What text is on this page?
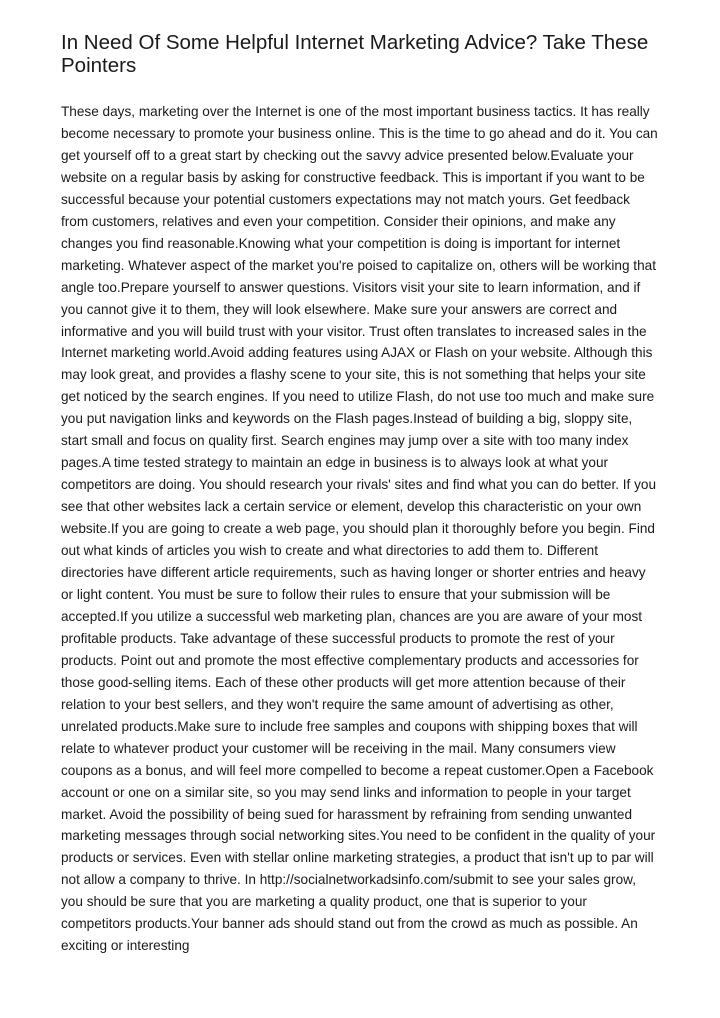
In Need Of Some Helpful Internet Marketing Advice? Take These Pointers

These days, marketing over the Internet is one of the most important business tactics. It has really become necessary to promote your business online. This is the time to go ahead and do it. You can get yourself off to a great start by checking out the savvy advice presented below.Evaluate your website on a regular basis by asking for constructive feedback. This is important if you want to be successful because your potential customers expectations may not match yours. Get feedback from customers, relatives and even your competition. Consider their opinions, and make any changes you find reasonable.Knowing what your competition is doing is important for internet marketing. Whatever aspect of the market you're poised to capitalize on, others will be working that angle too.Prepare yourself to answer questions. Visitors visit your site to learn information, and if you cannot give it to them, they will look elsewhere. Make sure your answers are correct and informative and you will build trust with your visitor. Trust often translates to increased sales in the Internet marketing world.Avoid adding features using AJAX or Flash on your website. Although this may look great, and provides a flashy scene to your site, this is not something that helps your site get noticed by the search engines. If you need to utilize Flash, do not use too much and make sure you put navigation links and keywords on the Flash pages.Instead of building a big, sloppy site, start small and focus on quality first. Search engines may jump over a site with too many index pages.A time tested strategy to maintain an edge in business is to always look at what your competitors are doing. You should research your rivals' sites and find what you can do better. If you see that other websites lack a certain service or element, develop this characteristic on your own website.If you are going to create a web page, you should plan it thoroughly before you begin. Find out what kinds of articles you wish to create and what directories to add them to. Different directories have different article requirements, such as having longer or shorter entries and heavy or light content. You must be sure to follow their rules to ensure that your submission will be accepted.If you utilize a successful web marketing plan, chances are you are aware of your most profitable products. Take advantage of these successful products to promote the rest of your products. Point out and promote the most effective complementary products and accessories for those good-selling items. Each of these other products will get more attention because of their relation to your best sellers, and they won't require the same amount of advertising as other, unrelated products.Make sure to include free samples and coupons with shipping boxes that will relate to whatever product your customer will be receiving in the mail. Many consumers view coupons as a bonus, and will feel more compelled to become a repeat customer.Open a Facebook account or one on a similar site, so you may send links and information to people in your target market. Avoid the possibility of being sued for harassment by refraining from sending unwanted marketing messages through social networking sites.You need to be confident in the quality of your products or services. Even with stellar online marketing strategies, a product that isn't up to par will not allow a company to thrive. In http://socialnetworkadsinfo.com/submit to see your sales grow, you should be sure that you are marketing a quality product, one that is superior to your competitors products.Your banner ads should stand out from the crowd as much as possible. An exciting or interesting
